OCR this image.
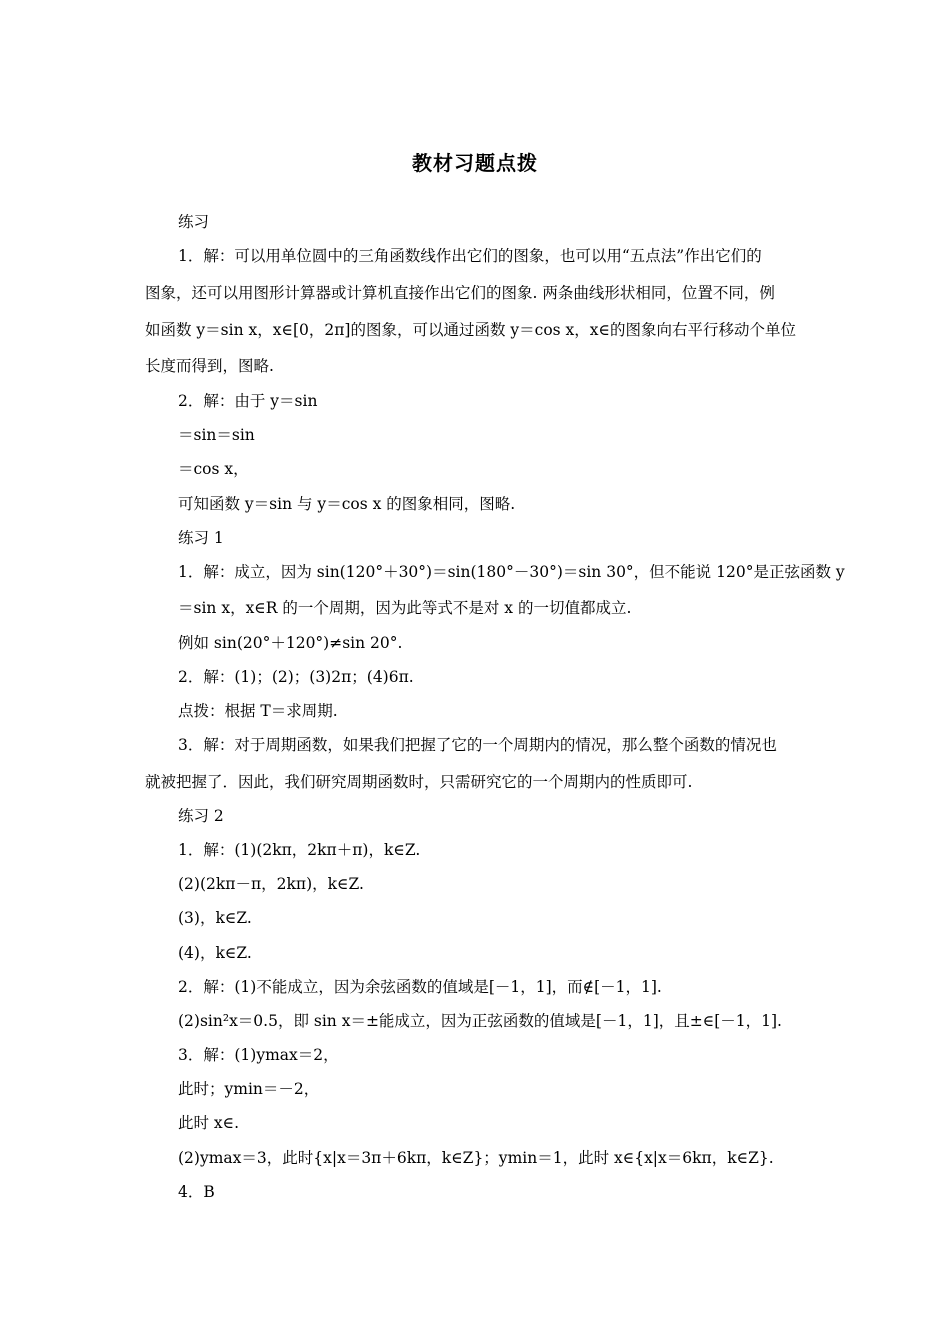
教材习题点拨
练习
1．解：可以用单位圆中的三角函数线作出它们的图象，也可以用“五点法”作出它们的
图象，还可以用图形计算器或计算机直接作出它们的图象. 两条曲线形状相同，位置不同，例
如函数 y＝sin x，x∈[0，2π]的图象，可以通过函数 y＝cos x，x∈的图象向右平行移动个单位
长度而得到，图略.
2．解：由于 y＝sin
＝sin＝sin
＝cos x，
可知函数 y＝sin 与 y＝cos x 的图象相同，图略.
练习 1
1．解：成立，因为 sin(120°＋30°)＝sin(180°－30°)＝sin 30°，但不能说 120°是正弦函数 y
＝sin x，x∈R 的一个周期，因为此等式不是对 x 的一切值都成立.
例如 sin(20°＋120°)≠sin 20°.
2．解：(1)；(2)；(3)2π；(4)6π.
点拨：根据 T＝求周期.
3．解：对于周期函数，如果我们把握了它的一个周期内的情况，那么整个函数的情况也
就被把握了．因此，我们研究周期函数时，只需研究它的一个周期内的性质即可.
练习 2
1．解：(1)(2kπ，2kπ＋π)，k∈Z.
(2)(2kπ－π，2kπ)，k∈Z.
(3)，k∈Z.
(4)，k∈Z.
2．解：(1)不能成立，因为余弦函数的值域是[－1，1]，而∉[－1，1].
(2)sin²x＝0.5，即 sin x＝±能成立，因为正弦函数的值域是[－1，1]，且±∈[－1，1].
3．解：(1)ymax＝2，
此时；ymin＝－2，
此时 x∈.
(2)ymax＝3，此时{x|x＝3π＋6kπ，k∈Z}；ymin＝1，此时 x∈{x|x＝6kπ，k∈Z}.
4．B
